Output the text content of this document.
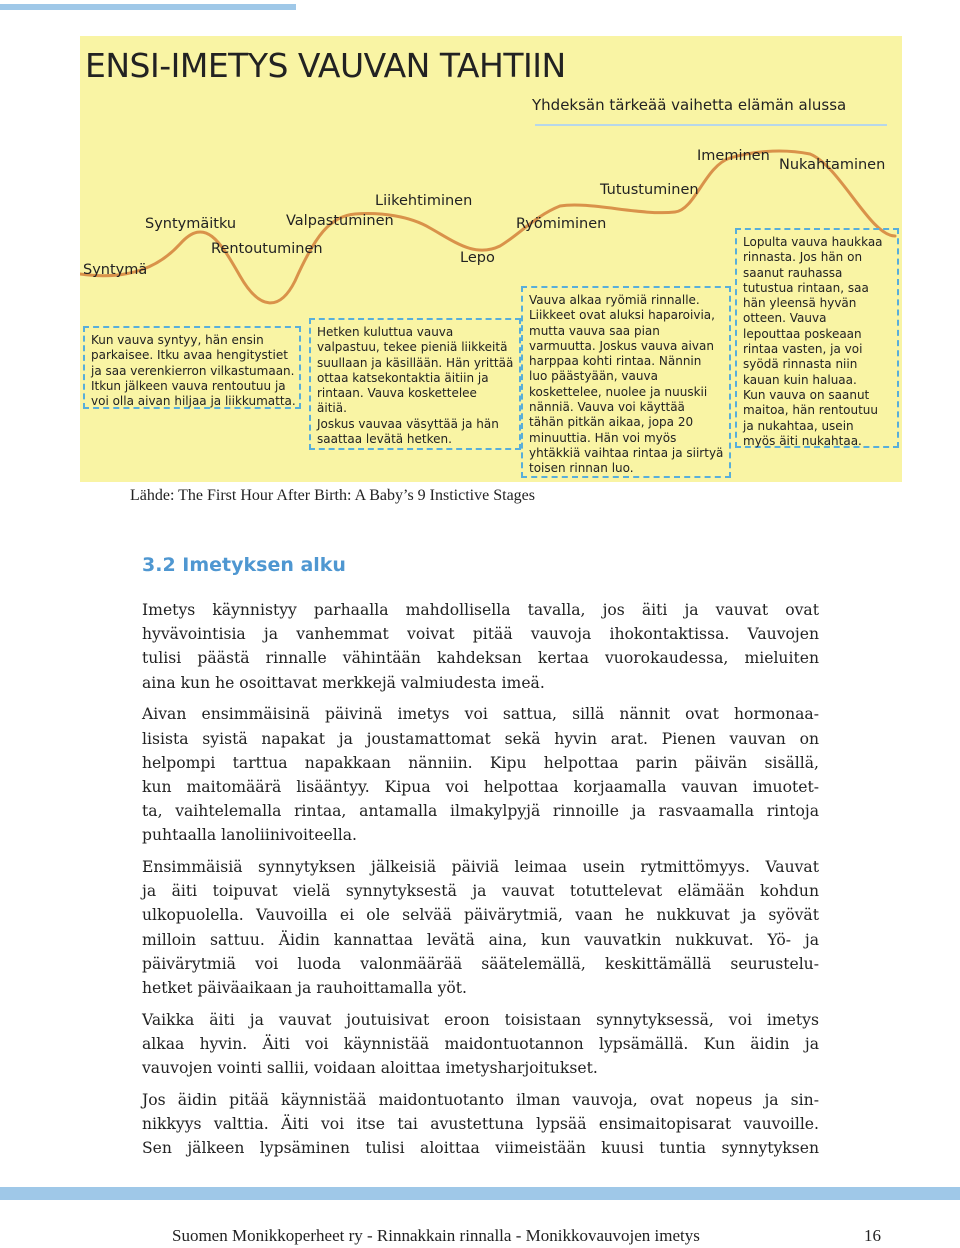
ENSI-IMETYS VAUVAN TAHTIIN
Yhdeksän tärkeää vaihetta elämän alussa
Syntymä
Syntymäitku
Rentoutuminen
Valpastuminen
Liikehtiminen
Lepo
Ryömiminen
Tutustuminen
Imeminen
Nukahtaminen
Kun vauva syntyy, hän ensin
parkaisee. Itku avaa hengitystiet
ja saa verenkierron vilkastumaan.
Itkun jälkeen vauva rentoutuu ja
voi olla aivan hiljaa ja liikkumatta.
Hetken kuluttua vauva
valpastuu, tekee pieniä liikkeitä
suullaan ja käsillään. Hän yrittää
ottaa katsekontaktia äitiin ja
rintaan. Vauva koskettelee
äitiä.
Joskus vauvaa väsyttää ja hän
saattaa levätä hetken.
Vauva alkaa ryömiä rinnalle.
Liikkeet ovat aluksi haparoivia,
mutta vauva saa pian
varmuutta. Joskus vauva aivan
harppaa kohti rintaa. Nännin
luo päästyään, vauva
koskettelee, nuolee ja nuuskii
nänniä. Vauva voi käyttää
tähän pitkän aikaa, jopa 20
minuuttia. Hän voi myös
yhtäkkiä vaihtaa rintaa ja siirtyä
toisen rinnan luo.
Lopulta vauva haukkaa
rinnasta. Jos hän on
saanut rauhassa
tutustua rintaan, saa
hän yleensä hyvän
otteen. Vauva
lepouttaa poskeaan
rintaa vasten, ja voi
syödä rinnasta niin
kauan kuin haluaa.
Kun vauva on saanut
maitoa, hän rentoutuu
ja nukahtaa, usein
myös äiti nukahtaa.
Lähde: The First Hour After Birth: A Baby’s 9 Instictive Stages
3.2 Imetyksen alku

Imetys käynnistyy parhaalla mahdollisella tavalla, jos äiti ja vauvat ovat
hyvävointisia ja vanhemmat voivat pitää vauvoja ihokontaktissa. Vauvojen
tulisi päästä rinnalle vähintään kahdeksan kertaa vuorokaudessa, mieluiten
aina kun he osoittavat merkkejä valmiudesta imeä.

Aivan ensimmäisinä päivinä imetys voi sattua, sillä nännit ovat hormonaa-
lisista syistä napakat ja joustamattomat sekä hyvin arat. Pienen vauvan on
helpompi tarttua napakkaan nänniin. Kipu helpottaa parin päivän sisällä,
kun maitomäärä lisääntyy. Kipua voi helpottaa korjaamalla vauvan imuotet-
ta, vaihtelemalla rintaa, antamalla ilmakylpyjä rinnoille ja rasvaamalla rintoja
puhtaalla lanoliinivoiteella.

Ensimmäisiä synnytyksen jälkeisiä päiviä leimaa usein rytmittömyys. Vauvat
ja äiti toipuvat vielä synnytyksestä ja vauvat totuttelevat elämään kohdun
ulkopuolella. Vauvoilla ei ole selvää päivärytmiä, vaan he nukkuvat ja syövät
milloin sattuu. Äidin kannattaa levätä aina, kun vauvatkin nukkuvat. Yö- ja
päivärytmiä voi luoda valonmäärää säätelemällä, keskittämällä seurustelu-
hetket päiväaikaan ja rauhoittamalla yöt.

Vaikka äiti ja vauvat joutuisivat eroon toisistaan synnytyksessä, voi imetys
alkaa hyvin. Äiti voi käynnistää maidontuotannon lypsämällä. Kun äidin ja
vauvojen vointi sallii, voidaan aloittaa imetysharjoitukset.

Jos äidin pitää käynnistää maidontuotanto ilman vauvoja, ovat nopeus ja sin-
nikkyys valttia. Äiti voi itse tai avustettuna lypsää ensimaitopisarat vauvoille.
Sen jälkeen lypsäminen tulisi aloittaa viimeistään kuusi tuntia synnytyksen

Suomen Monikkoperheet ry - Rinnakkain rinnalla - Monikkovauvojen imetys	16
